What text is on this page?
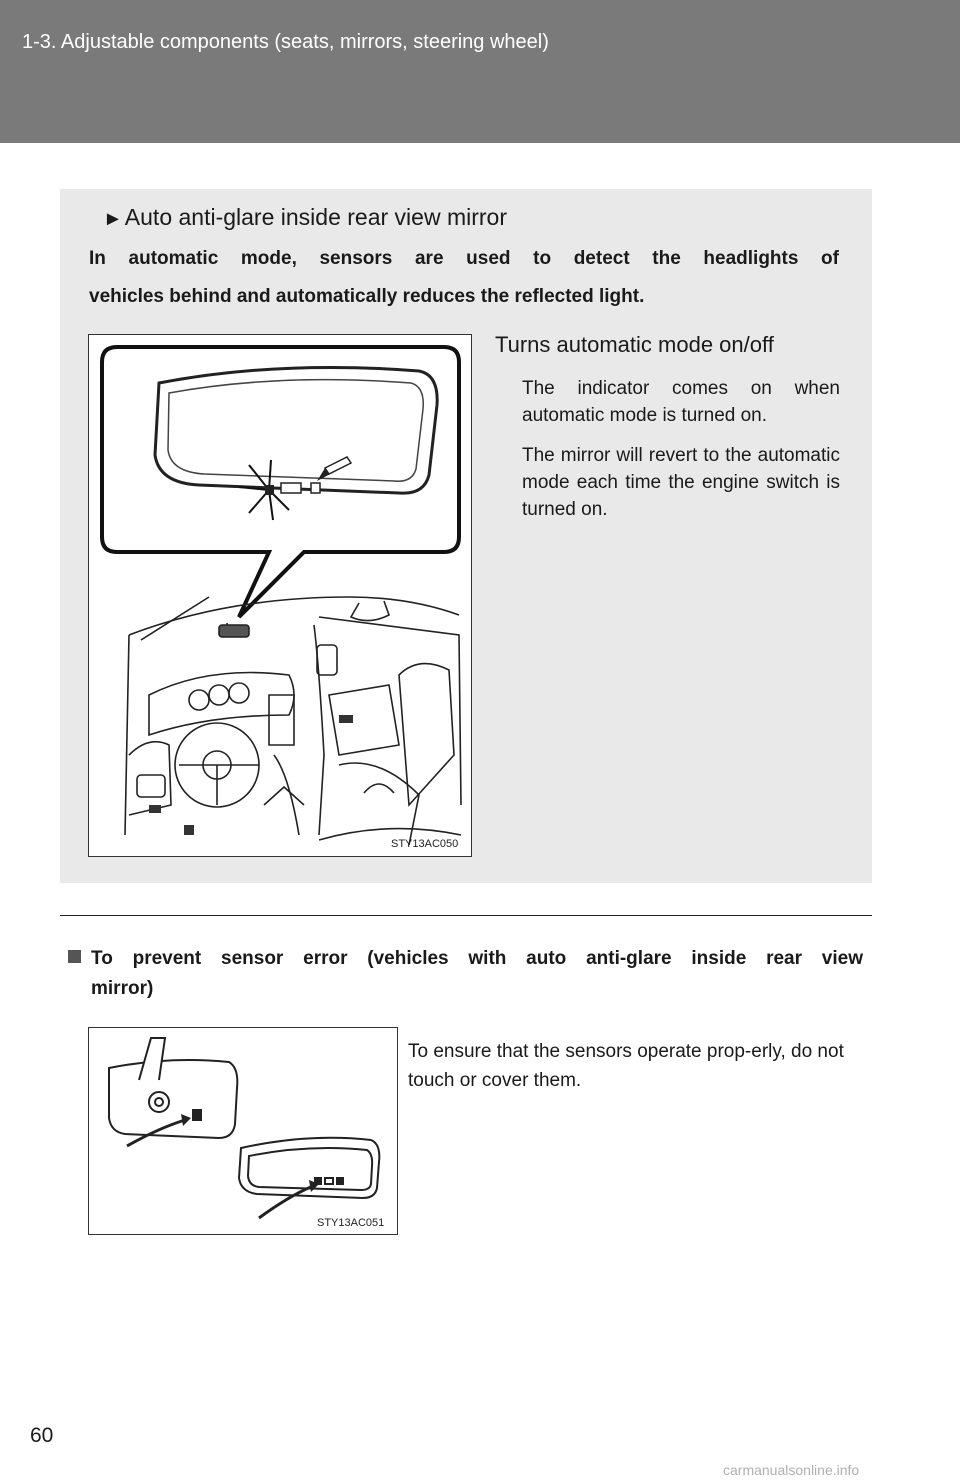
1-3. Adjustable components (seats, mirrors, steering wheel)
►Auto anti-glare inside rear view mirror
In automatic mode, sensors are used to detect the headlights of
vehicles behind and automatically reduces the reflected light.
STY13AC050
Turns automatic mode on/off
The indicator comes on when automatic mode is turned on.
The mirror will revert to the automatic mode each time the engine switch is turned on.
To prevent sensor error (vehicles with auto anti-glare inside rear view
mirror)
To ensure that the sensors operate prop-erly, do not touch or cover them.
STY13AC051
60
carmanualsonline.info
